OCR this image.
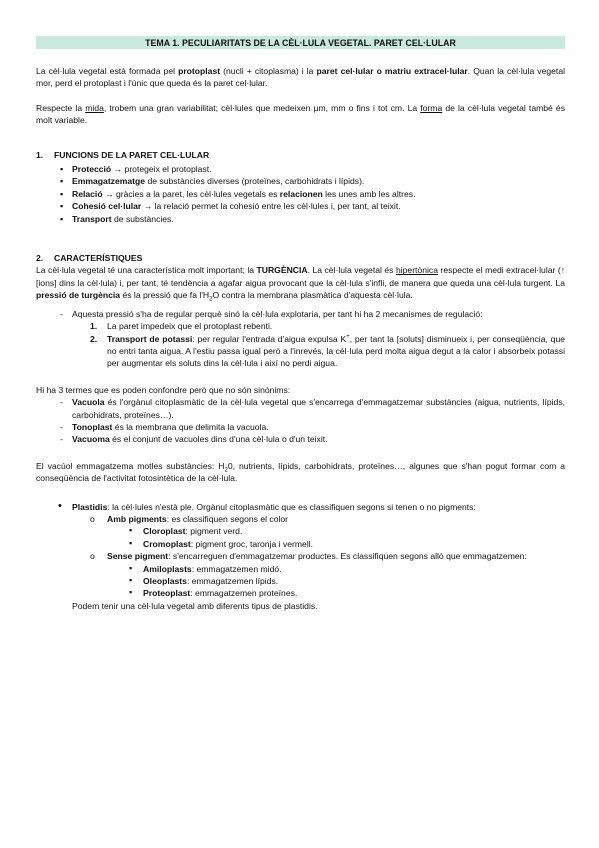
TEMA 1. PECULIARITATS DE LA CÈL·LULA VEGETAL. PARET CEL·LULAR

La cèl·lula vegetal està formada pel protoplast (nucli + citoplasma) i la paret cel·lular o matriu extracel·lular. Quan la cèl·lula vegetal mor, perd el protoplast i l'únic que queda és la paret cel·lular.

Respecte la mida, trobem una gran variabilitat; cèl·lules que medeixen µm, mm o fins i tot cm. La forma de la cèl·lula vegetal també és molt variable.

1. FUNCIONS DE LA PARET CEL·LULAR
▪ Protecció → protegeix el protoplast.
▪ Emmagatzematge de substàncies diverses (proteïnes, carbohidrats i lípids).
▪ Relació → gràcies a la paret, les cèl·lules vegetals es relacionen les unes amb les altres.
▪ Cohesió cel·lular → la relació permet la cohesió entre les cèl·lules i, per tant, al teixit.
▪ Transport de substàncies.
2. CARACTERÍSTIQUES

La cèl·lula vegetal té una característica molt important; la TURGÈNCIA. La cèl·lula vegetal és hipertònica respecte el medi extracel·lular (↑ [ions] dins la cèl·lula) i, per tant, té tendència a agafar aigua provocant que la cèl·lula s'infli, de manera que queda una cèl·lula turgent. La pressió de turgència és la pressió que fa $l'H_2O$ contra la membrana plasmàtica d'aquesta cèl·lula.

- Aquesta pressió s'ha de regular perquè sinó la cèl·lula explotaria, per tant hi ha 2 mecanismes de regulació:
1. La paret impedeix que el protoplast rebenti.
2. Transport de potassi: per regular l'entrada d'aigua expulsa K+, per tant la [soluts] disminueix i, per conseqüència, que no entri tanta aigua. A l'estiu passa igual però a l'inrevés, la cèl·lula perd molta aigua degut a la calor i absorbeix potassi per augmentar els soluts dins la cèl·lula i així no perdi aigua.

Hi ha 3 termes que es poden confondre però que no són sinònims:

- Vacuola és l'orgànul citoplasmàtic de la cèl·lula vegetal que s'encarrega d'emmagatzemar substàncies (aigua, nutrients, lípids, carbohidrats, proteïnes…).
- Tonoplast és la membrana que delimita la vacuola.
- Vacuoma és el conjunt de vacuoles dins d'una cèl·lula o d'un teixit.

El vacúol emmagatzema motles substàncies: $H_20$, nutrients, lípids, carbohidrats, proteïnes…, algunes que s'han pogut formar com a conseqüència de l'activitat fotosintètica de la cèl·lula.

• Plastidis: la cèl·lules n'està ple. Orgànul citoplasmàtic que es classifiquen segons si tenen o no pigments:
o Amb pigments: es classifiquen segons el color
▪ Cloroplast: pigment verd.
▪ Cromoplast: pigment groc, taronja i vermell.
o Sense pigment: s'encarreguen d'emmagatzemar productes. Es classifiquen segons allò que emmagatzemen:
▪ Amiloplasts: emmagatzemen midó.
▪ Oleoplasts: emmagatzemen lípids.
▪ Proteoplast: emmagatzemen proteïnes.

Podem tenir una cèl·lula vegetal amb diferents tipus de plastidis.
